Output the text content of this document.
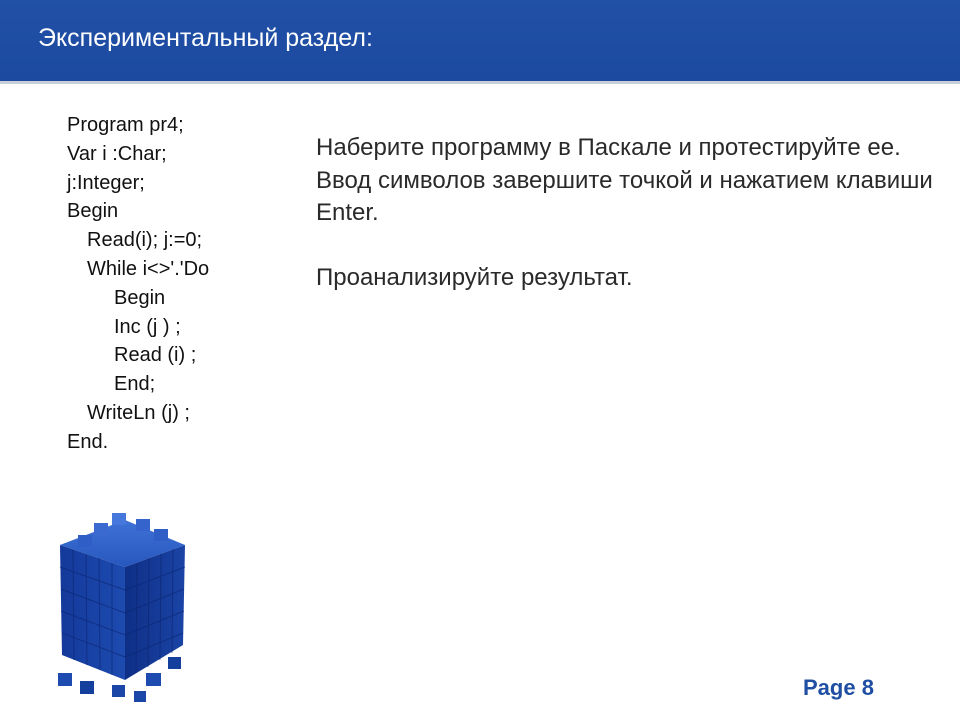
Экспериментальный раздел:
Program pr4;
Var i :Char;
j:Integer;
Begin
Read(i); j:=0;
While i<>'.'Do
Begin
Inc (j ) ;
Read (i) ;
End;
WriteLn (j) ;
End.

Наберите программу в Паскале и протестируйте ее.

Ввод символов завершите точкой и нажатием клавиши Enter.

Проанализируйте результат.

Page 8
